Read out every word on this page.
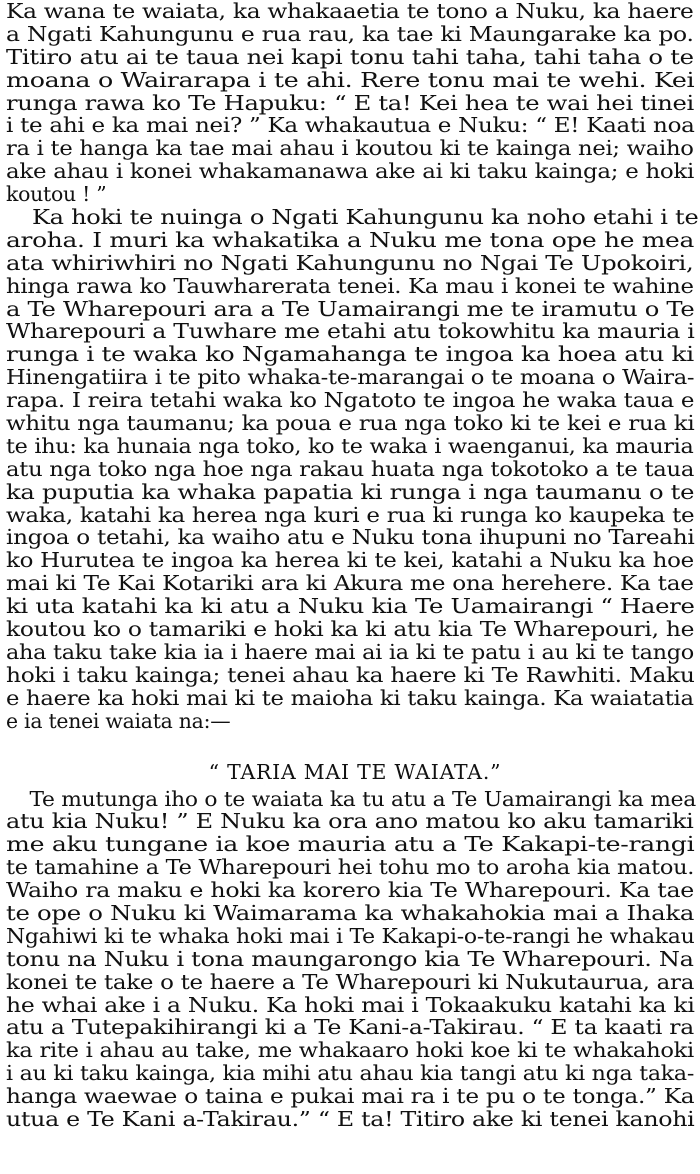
Ka wana te waiata, ka whakaaetia te tono a Nuku, ka haere
a Ngati Kahungunu e rua rau, ka tae ki Maungarake ka po.
Titiro atu ai te taua nei kapi tonu tahi taha, tahi taha o te
moana o Wairarapa i te ahi. Rere tonu mai te wehi. Kei
runga rawa ko Te Hapuku: “ E ta! Kei hea te wai hei tinei
i te ahi e ka mai nei? ” Ka whakautua e Nuku: “ E! Kaati noa
ra i te hanga ka tae mai ahau i koutou ki te kainga nei; waiho
ake ahau i konei whakamanawa ake ai ki taku kainga; e hoki
koutou ! ”
Ka hoki te nuinga o Ngati Kahungunu ka noho etahi i te
aroha. I muri ka whakatika a Nuku me tona ope he mea
ata whiriwhiri no Ngati Kahungunu no Ngai Te Upokoiri,
hinga rawa ko Tauwharerata tenei. Ka mau i konei te wahine
a Te Wharepouri ara a Te Uamairangi me te iramutu o Te
Wharepouri a Tuwhare me etahi atu tokowhitu ka mauria i
runga i te waka ko Ngamahanga te ingoa ka hoea atu ki
Hinengatiira i te pito whaka-te-marangai o te moana o Waira-
rapa. I reira tetahi waka ko Ngatoto te ingoa he waka taua e
whitu nga taumanu; ka poua e rua nga toko ki te kei e rua ki
te ihu: ka hunaia nga toko, ko te waka i waenganui, ka mauria
atu nga toko nga hoe nga rakau huata nga tokotoko a te taua
ka puputia ka whaka papatia ki runga i nga taumanu o te
waka, katahi ka herea nga kuri e rua ki runga ko kaupeka te
ingoa o tetahi, ka waiho atu e Nuku tona ihupuni no Tareahi
ko Hurutea te ingoa ka herea ki te kei, katahi a Nuku ka hoe
mai ki Te Kai Kotariki ara ki Akura me ona herehere. Ka tae
ki uta katahi ka ki atu a Nuku kia Te Uamairangi “ Haere
koutou ko o tamariki e hoki ka ki atu kia Te Wharepouri, he
aha taku take kia ia i haere mai ai ia ki te patu i au ki te tango
hoki i taku kainga; tenei ahau ka haere ki Te Rawhiti. Maku
e haere ka hoki mai ki te maioha ki taku kainga. Ka waiatatia
e ia tenei waiata na:—
“ TARIA MAI TE WAIATA.”
Te mutunga iho o te waiata ka tu atu a Te Uamairangi ka mea
atu kia Nuku! ” E Nuku ka ora ano matou ko aku tamariki
me aku tungane ia koe mauria atu a Te Kakapi-te-rangi
te tamahine a Te Wharepouri hei tohu mo to aroha kia matou.
Waiho ra maku e hoki ka korero kia Te Wharepouri. Ka tae
te ope o Nuku ki Waimarama ka whakahokia mai a Ihaka
Ngahiwi ki te whaka hoki mai i Te Kakapi-o-te-rangi he whakau
tonu na Nuku i tona maungarongo kia Te Wharepouri. Na
konei te take o te haere a Te Wharepouri ki Nukutaurua, ara
he whai ake i a Nuku. Ka hoki mai i Tokaakuku katahi ka ki
atu a Tutepakihirangi ki a Te Kani-a-Takirau. “ E ta kaati ra
ka rite i ahau au take, me whakaaro hoki koe ki te whakahoki
i au ki taku kainga, kia mihi atu ahau kia tangi atu ki nga taka-
hanga waewae o taina e pukai mai ra i te pu o te tonga.” Ka
utua e Te Kani a-Takirau.” “ E ta! Titiro ake ki tenei kanohi
